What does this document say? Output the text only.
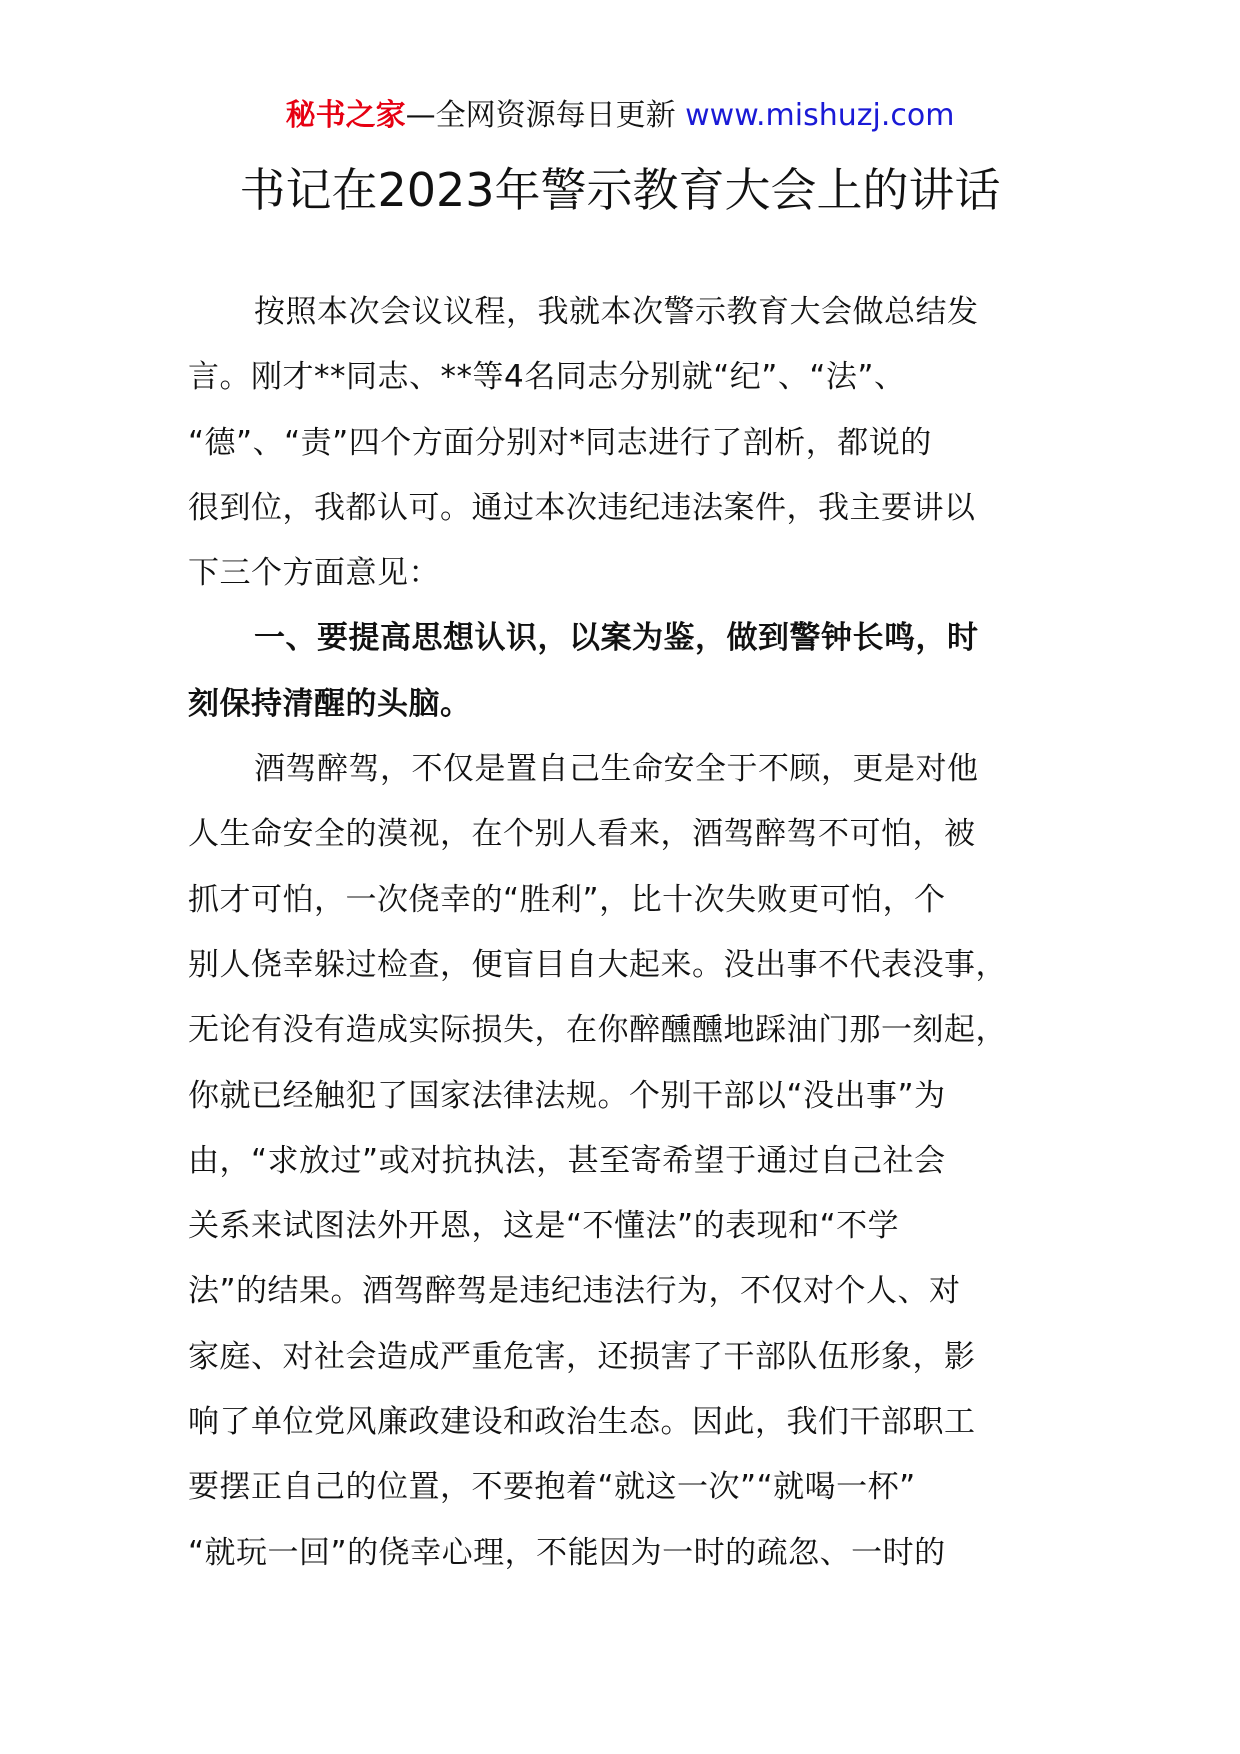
秘书之家—全网资源每日更新 www.mishuzj.com
书记在2023年警示教育大会上的讲话
按照本次会议议程，我就本次警示教育大会做总结发
言。刚才**同志、**等4名同志分别就“纪”、“法”、
“德”、“责”四个方面分别对*同志进行了剖析，都说的
很到位，我都认可。通过本次违纪违法案件，我主要讲以
下三个方面意见：
一、要提高思想认识，以案为鉴，做到警钟长鸣，时
刻保持清醒的头脑。
酒驾醉驾，不仅是置自己生命安全于不顾，更是对他
人生命安全的漠视，在个别人看来，酒驾醉驾不可怕，被
抓才可怕，一次侥幸的“胜利”，比十次失败更可怕，个
别人侥幸躲过检查，便盲目自大起来。没出事不代表没事，
无论有没有造成实际损失，在你醉醺醺地踩油门那一刻起，
你就已经触犯了国家法律法规。个别干部以“没出事”为
由，“求放过”或对抗执法，甚至寄希望于通过自己社会
关系来试图法外开恩，这是“不懂法”的表现和“不学
法”的结果。酒驾醉驾是违纪违法行为，不仅对个人、对
家庭、对社会造成严重危害，还损害了干部队伍形象，影
响了单位党风廉政建设和政治生态。因此，我们干部职工
要摆正自己的位置，不要抱着“就这一次”“就喝一杯”
“就玩一回”的侥幸心理，不能因为一时的疏忽、一时的
